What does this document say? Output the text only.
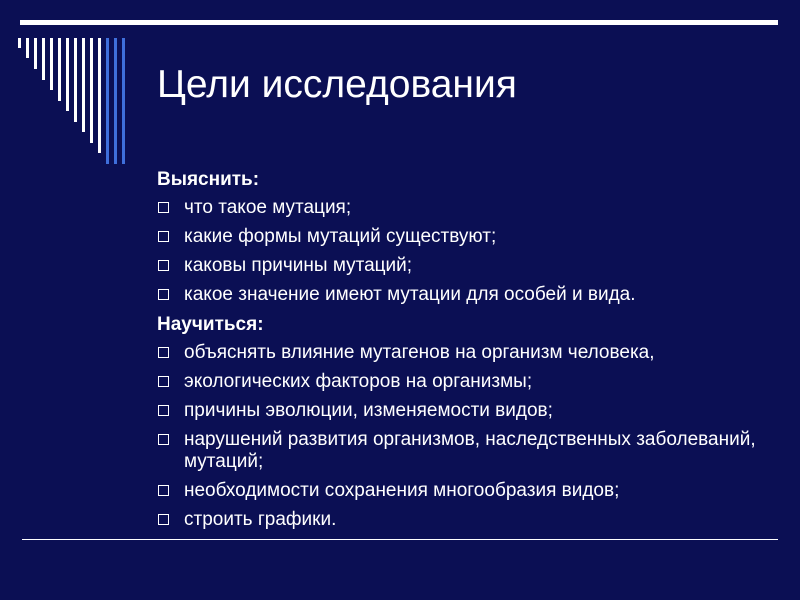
Цели исследования
Выяснить:
что такое мутация;
какие формы мутаций существуют;
каковы причины мутаций;
какое значение имеют мутации для особей и вида.
Научиться:
объяснять влияние мутагенов на организм человека,
экологических факторов на организмы;
причины эволюции, изменяемости видов;
нарушений развития организмов, наследственных заболеваний, мутаций;
необходимости сохранения многообразия видов;
строить графики.
